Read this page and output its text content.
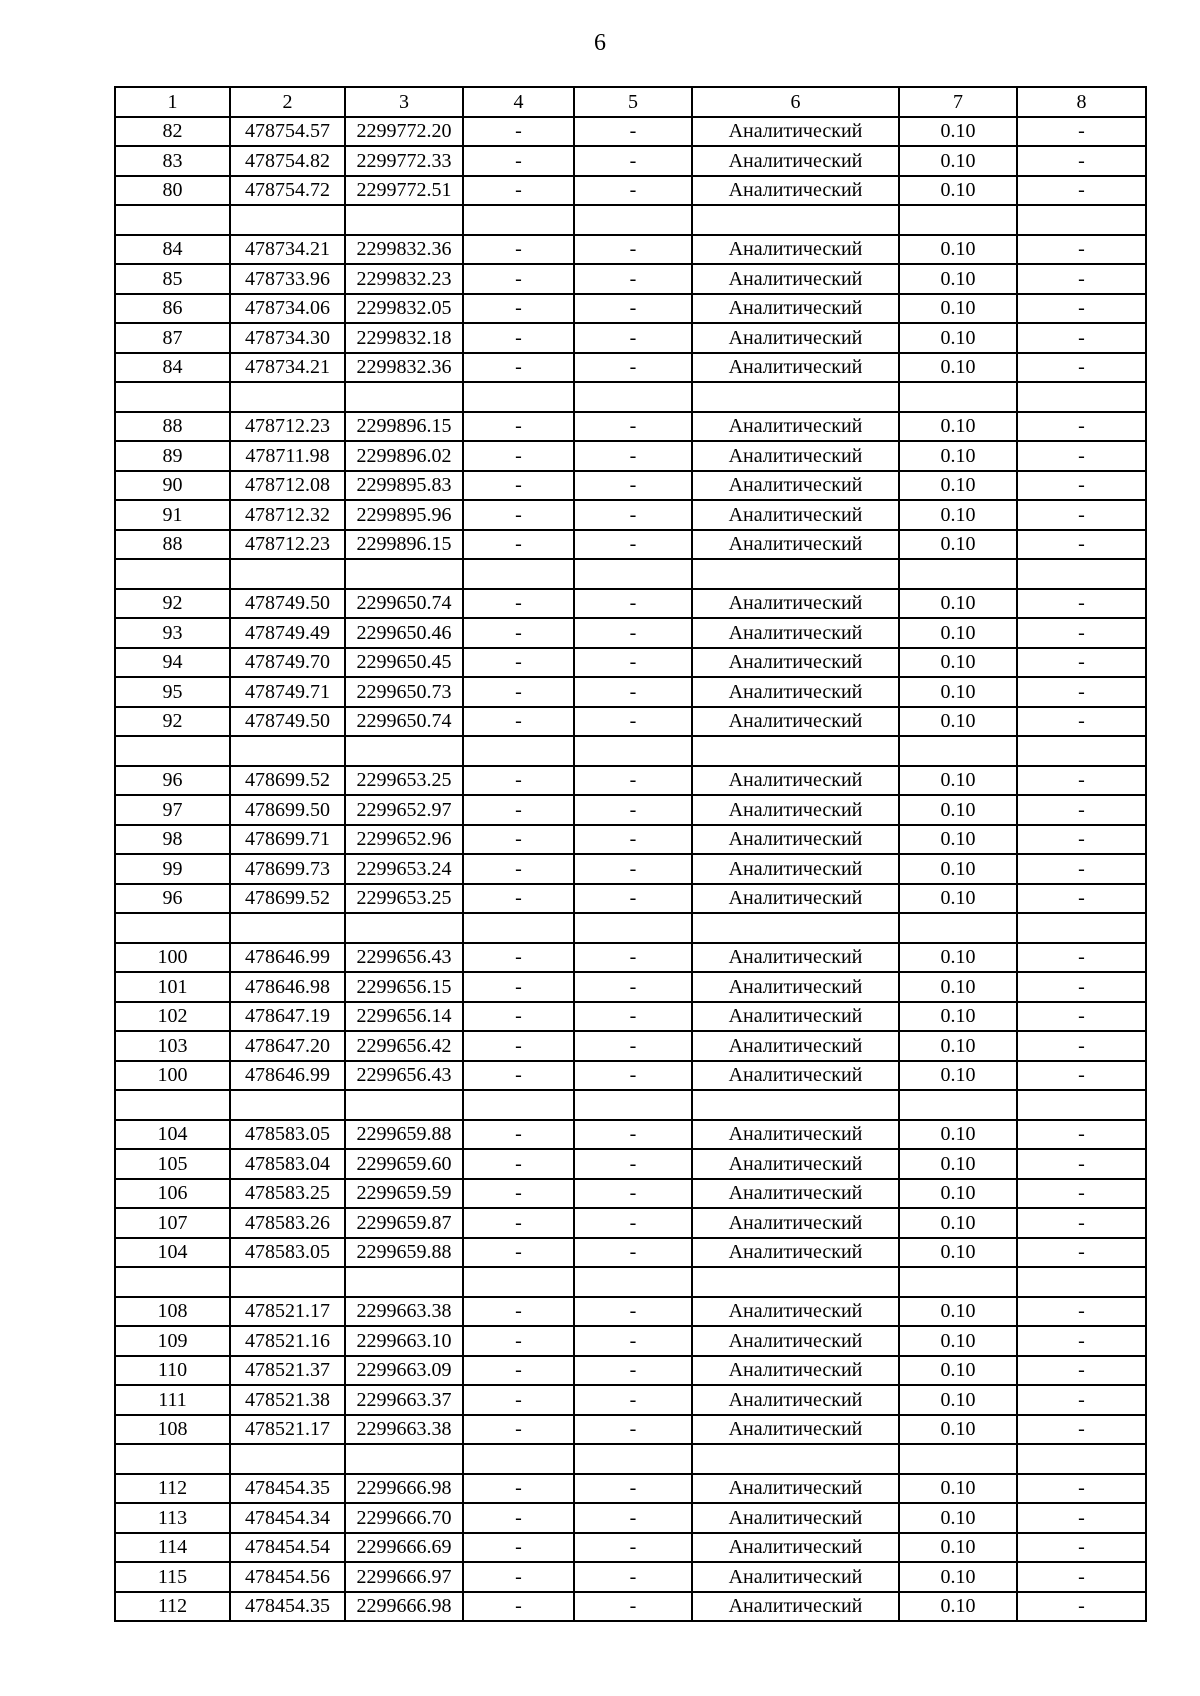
6
1	2	3	4	5	6	7	8
82	478754.57	2299772.20	-	-	Аналитический	0.10	-
83	478754.82	2299772.33	-	-	Аналитический	0.10	-
80	478754.72	2299772.51	-	-	Аналитический	0.10	-

84	478734.21	2299832.36	-	-	Аналитический	0.10	-
85	478733.96	2299832.23	-	-	Аналитический	0.10	-
86	478734.06	2299832.05	-	-	Аналитический	0.10	-
87	478734.30	2299832.18	-	-	Аналитический	0.10	-
84	478734.21	2299832.36	-	-	Аналитический	0.10	-

88	478712.23	2299896.15	-	-	Аналитический	0.10	-
89	478711.98	2299896.02	-	-	Аналитический	0.10	-
90	478712.08	2299895.83	-	-	Аналитический	0.10	-
91	478712.32	2299895.96	-	-	Аналитический	0.10	-
88	478712.23	2299896.15	-	-	Аналитический	0.10	-

92	478749.50	2299650.74	-	-	Аналитический	0.10	-
93	478749.49	2299650.46	-	-	Аналитический	0.10	-
94	478749.70	2299650.45	-	-	Аналитический	0.10	-
95	478749.71	2299650.73	-	-	Аналитический	0.10	-
92	478749.50	2299650.74	-	-	Аналитический	0.10	-

96	478699.52	2299653.25	-	-	Аналитический	0.10	-
97	478699.50	2299652.97	-	-	Аналитический	0.10	-
98	478699.71	2299652.96	-	-	Аналитический	0.10	-
99	478699.73	2299653.24	-	-	Аналитический	0.10	-
96	478699.52	2299653.25	-	-	Аналитический	0.10	-

100	478646.99	2299656.43	-	-	Аналитический	0.10	-
101	478646.98	2299656.15	-	-	Аналитический	0.10	-
102	478647.19	2299656.14	-	-	Аналитический	0.10	-
103	478647.20	2299656.42	-	-	Аналитический	0.10	-
100	478646.99	2299656.43	-	-	Аналитический	0.10	-

104	478583.05	2299659.88	-	-	Аналитический	0.10	-
105	478583.04	2299659.60	-	-	Аналитический	0.10	-
106	478583.25	2299659.59	-	-	Аналитический	0.10	-
107	478583.26	2299659.87	-	-	Аналитический	0.10	-
104	478583.05	2299659.88	-	-	Аналитический	0.10	-

108	478521.17	2299663.38	-	-	Аналитический	0.10	-
109	478521.16	2299663.10	-	-	Аналитический	0.10	-
110	478521.37	2299663.09	-	-	Аналитический	0.10	-
111	478521.38	2299663.37	-	-	Аналитический	0.10	-
108	478521.17	2299663.38	-	-	Аналитический	0.10	-

112	478454.35	2299666.98	-	-	Аналитический	0.10	-
113	478454.34	2299666.70	-	-	Аналитический	0.10	-
114	478454.54	2299666.69	-	-	Аналитический	0.10	-
115	478454.56	2299666.97	-	-	Аналитический	0.10	-
112	478454.35	2299666.98	-	-	Аналитический	0.10	-
